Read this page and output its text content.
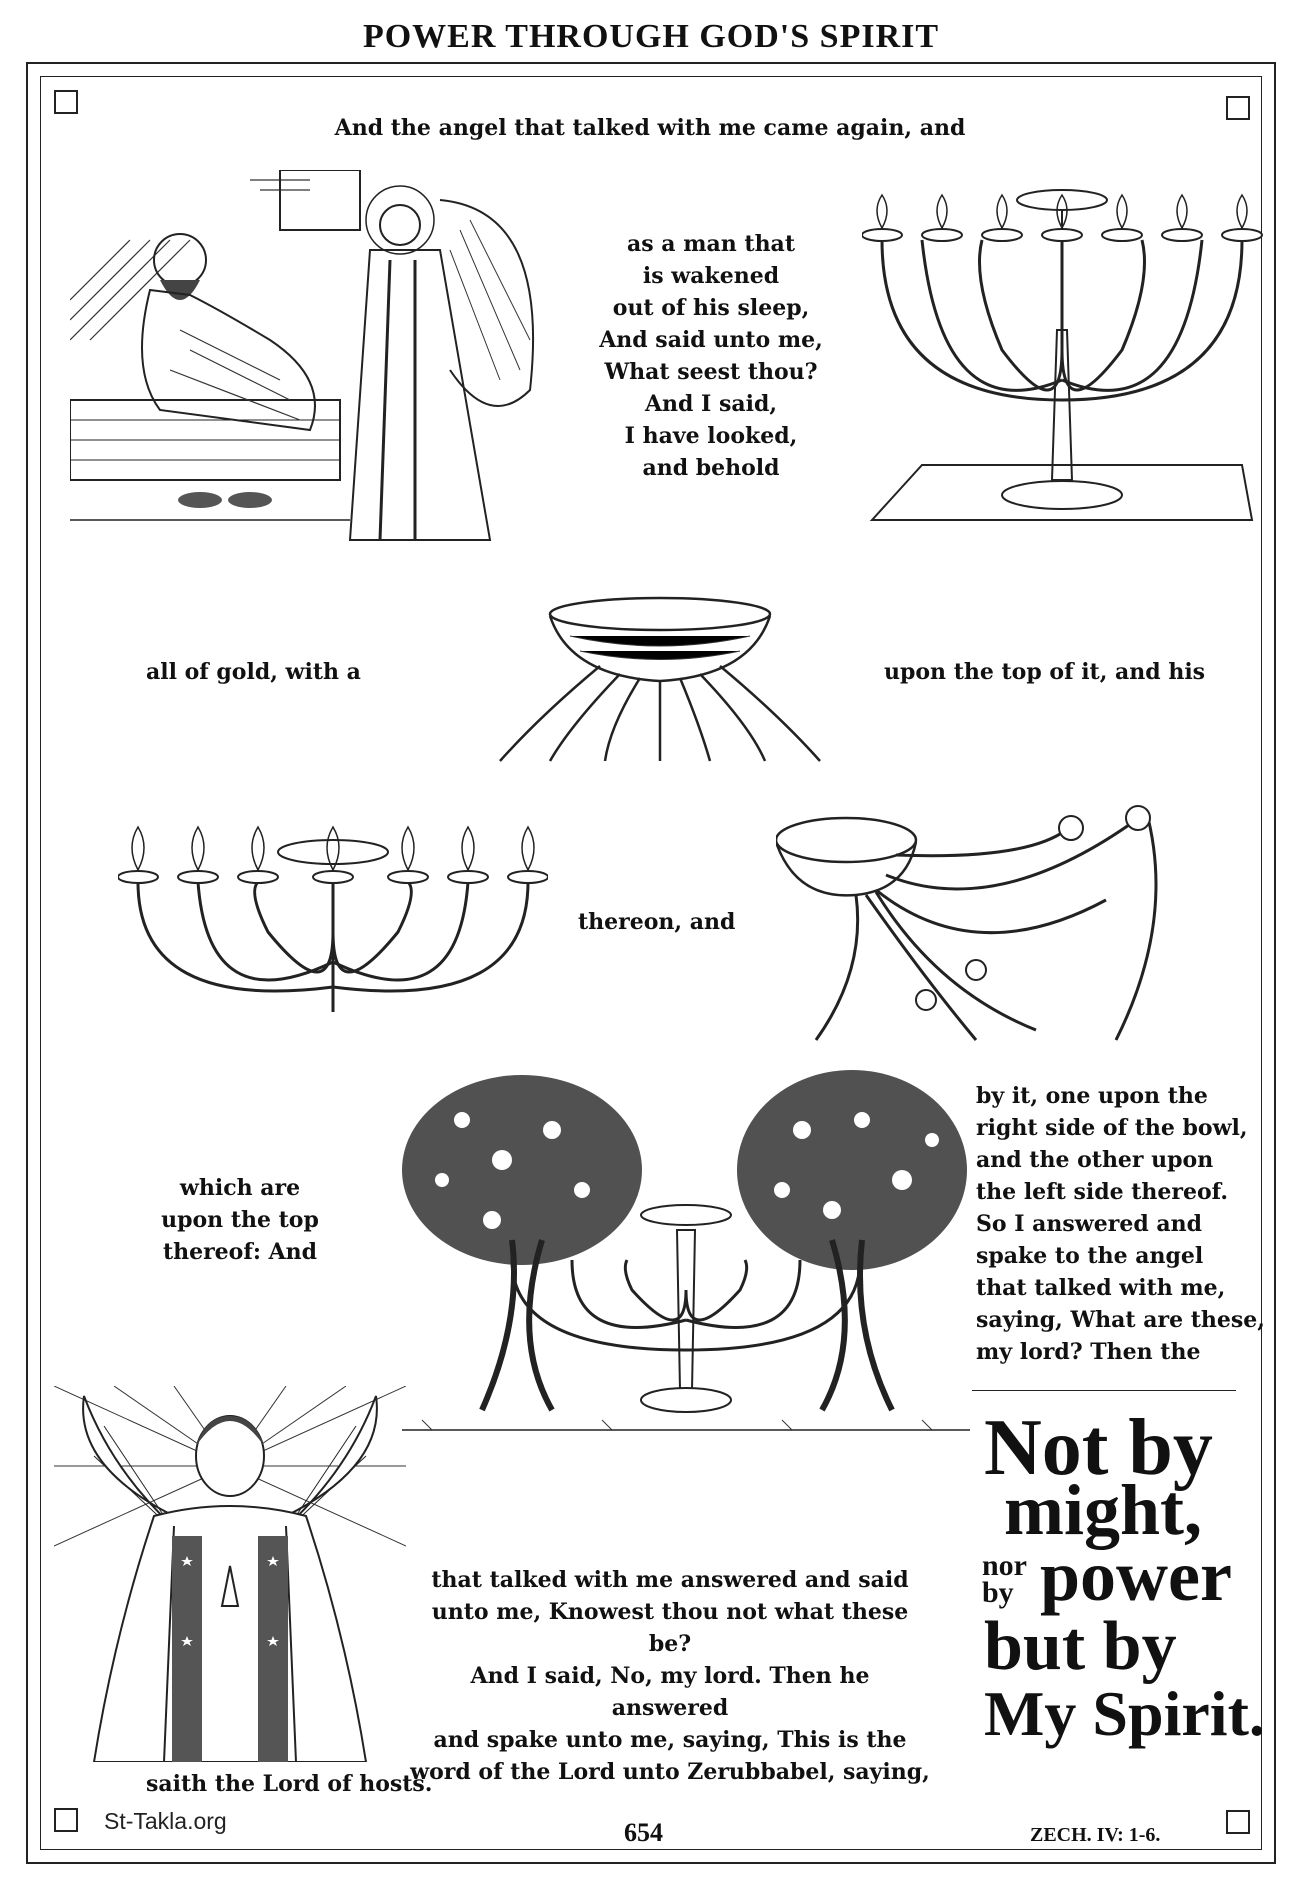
POWER THROUGH GOD'S SPIRIT
And the angel that talked with me came again, and
as a man that
is wakened
out of his sleep,
And said unto me,
What seest thou?
And I said,
I have looked,
and behold
all of gold, with a	upon the top of it, and his
thereon, and
which are
upon the top
thereof: And
by it, one upon the
right side of the bowl,
and the other upon
the left side thereof.
So I answered and
spake to the angel
that talked with me,
saying, What are these,
my lord? Then the
that talked with me answered and said
unto me, Knowest thou not what these be?
And I said, No, my lord. Then he answered
and spake unto me, saying, This is the
word of the Lord unto Zerubbabel, saying,
saith the Lord of hosts.
Not by
might,
nor
by power
but by
My Spirit.
St-Takla.org	654	ZECH. IV: 1-6.
